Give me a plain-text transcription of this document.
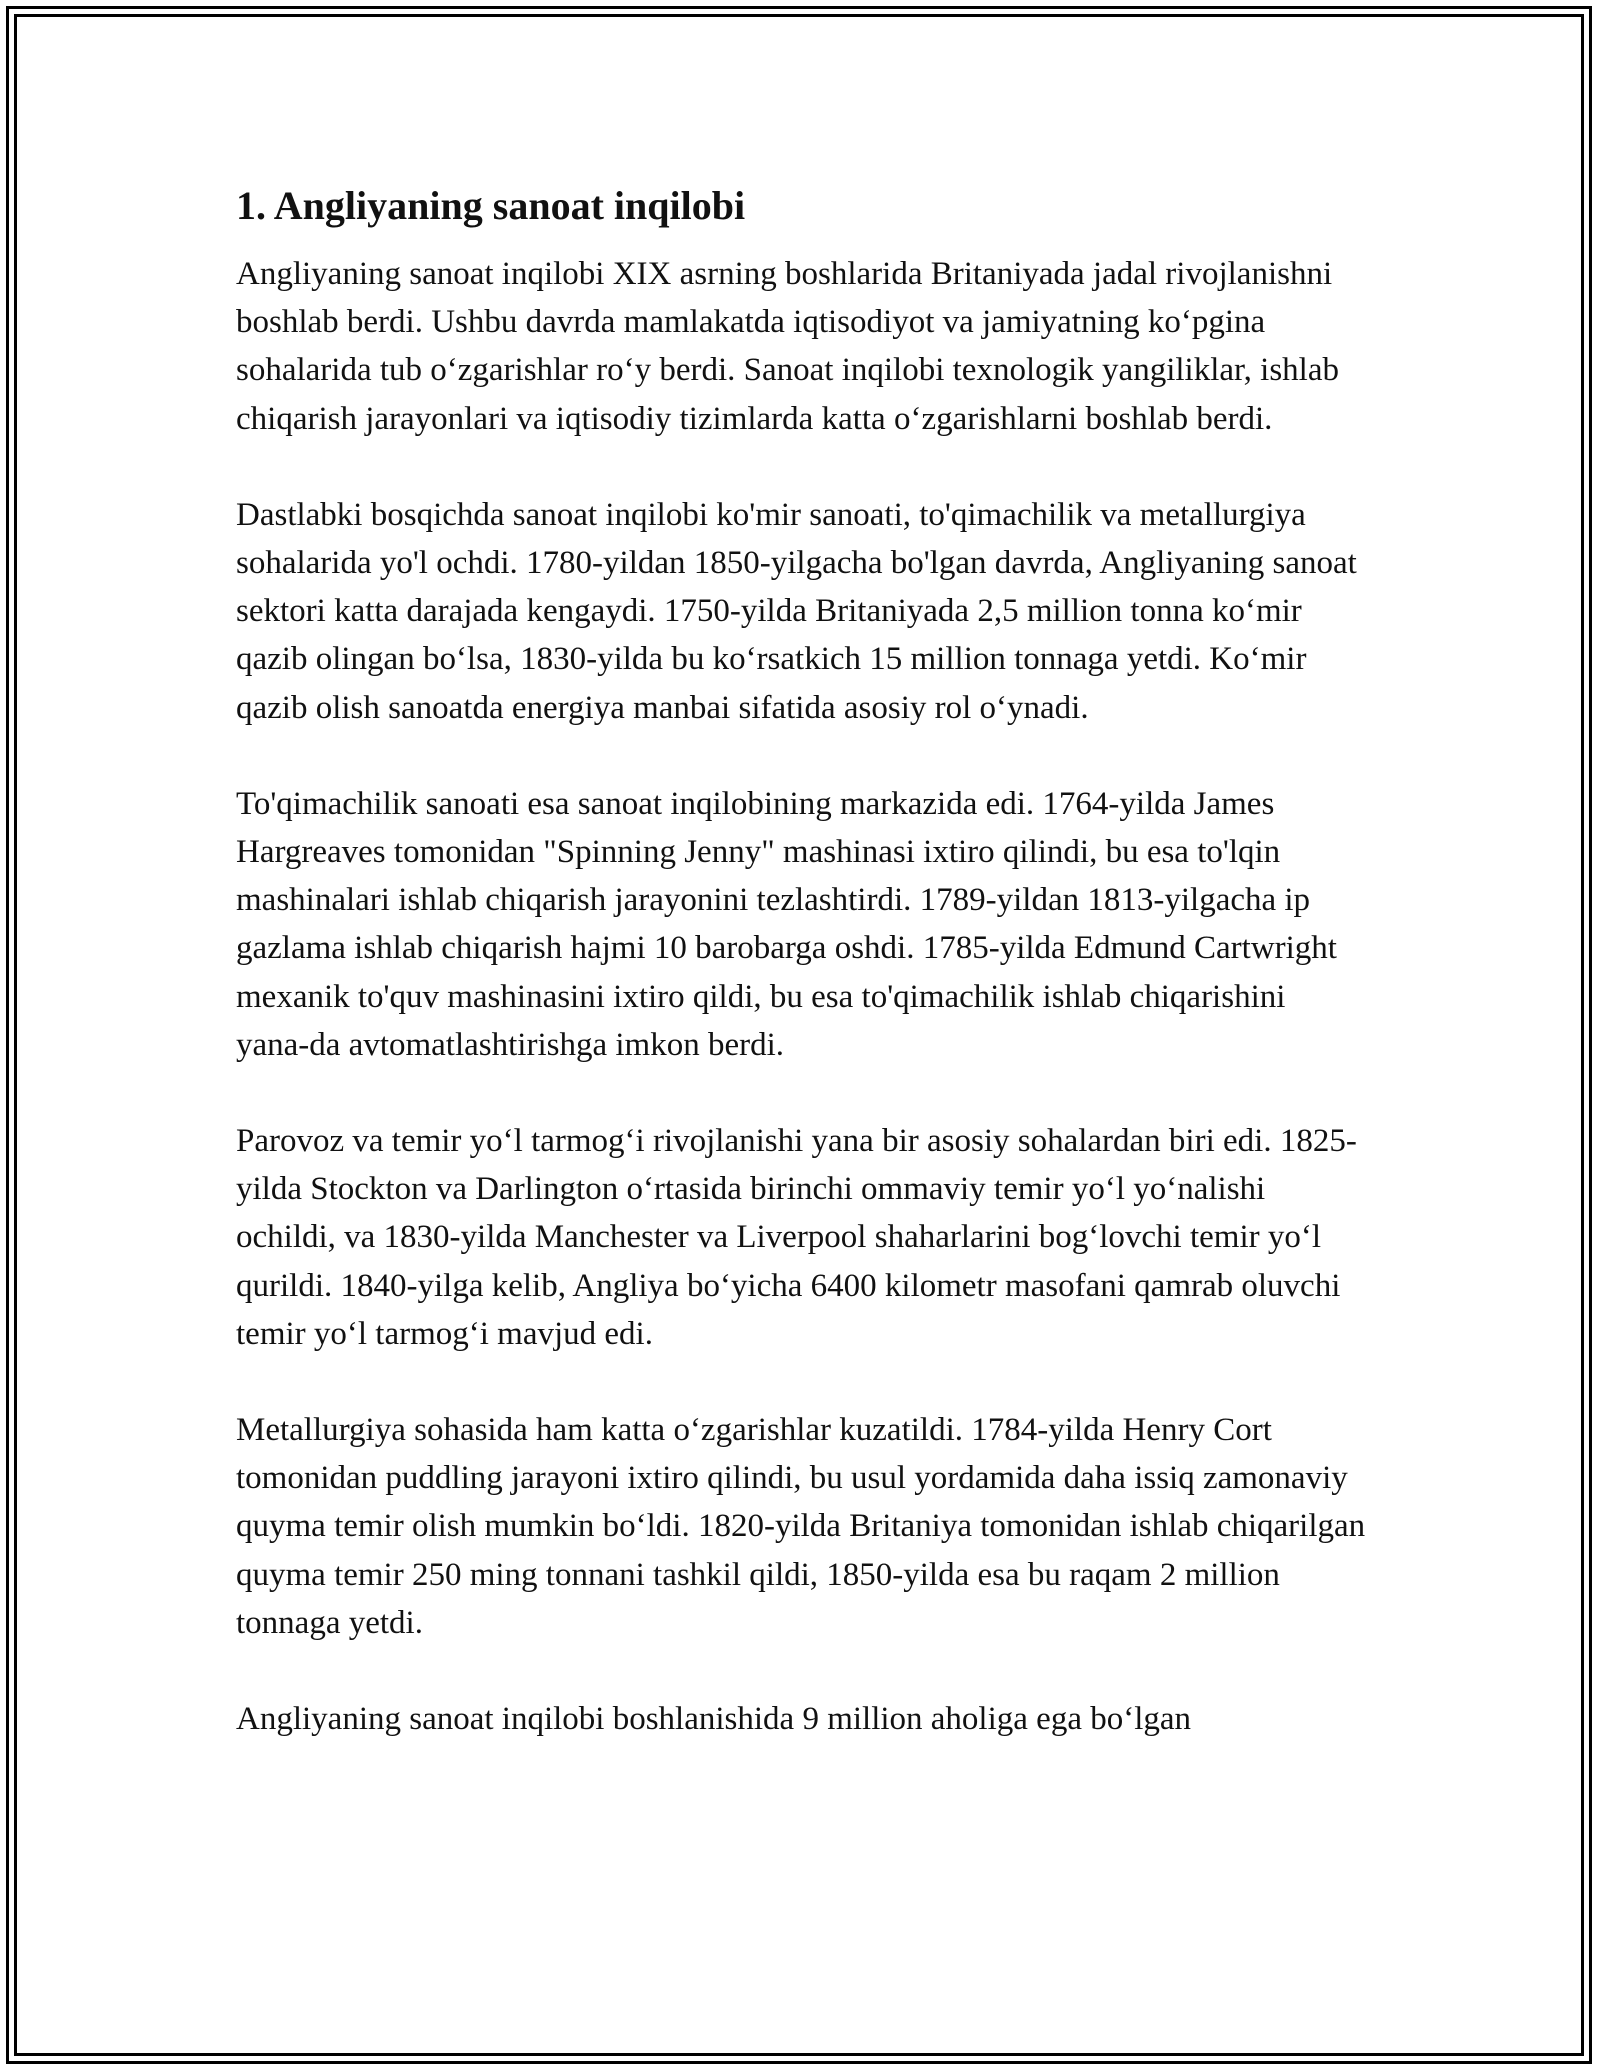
1. Angliyaning sanoat inqilobi

Angliyaning sanoat inqilobi XIX asrning boshlarida Britaniyada jadal rivojlanishni boshlab berdi. Ushbu davrda mamlakatda iqtisodiyot va jamiyatning ko‘pgina sohalarida tub o‘zgarishlar ro‘y berdi. Sanoat inqilobi texnologik yangiliklar, ishlab chiqarish jarayonlari va iqtisodiy tizimlarda katta o‘zgarishlarni boshlab berdi.

Dastlabki bosqichda sanoat inqilobi ko'mir sanoati, to'qimachilik va metallurgiya sohalarida yo'l ochdi. 1780-yildan 1850-yilgacha bo'lgan davrda, Angliyaning sanoat sektori katta darajada kengaydi. 1750-yilda Britaniyada 2,5 million tonna ko‘mir qazib olingan bo‘lsa, 1830-yilda bu ko‘rsatkich 15 million tonnaga yetdi. Ko‘mir qazib olish sanoatda energiya manbai sifatida asosiy rol o‘ynadi.

To'qimachilik sanoati esa sanoat inqilobining markazida edi. 1764-yilda James Hargreaves tomonidan "Spinning Jenny" mashinasi ixtiro qilindi, bu esa to'lqin mashinalari ishlab chiqarish jarayonini tezlashtirdi. 1789-yildan 1813-yilgacha ip gazlama ishlab chiqarish hajmi 10 barobarga oshdi. 1785-yilda Edmund Cartwright mexanik to'quv mashinasini ixtiro qildi, bu esa to'qimachilik ishlab chiqarishini yana-da avtomatlashtirishga imkon berdi.

Parovoz va temir yo‘l tarmog‘i rivojlanishi yana bir asosiy sohalardan biri edi. 1825-yilda Stockton va Darlington o‘rtasida birinchi ommaviy temir yo‘l yo‘nalishi ochildi, va 1830-yilda Manchester va Liverpool shaharlarini bog‘lovchi temir yo‘l qurildi. 1840-yilga kelib, Angliya bo‘yicha 6400 kilometr masofani qamrab oluvchi temir yo‘l tarmog‘i mavjud edi.

Metallurgiya sohasida ham katta o‘zgarishlar kuzatildi. 1784-yilda Henry Cort tomonidan puddling jarayoni ixtiro qilindi, bu usul yordamida daha issiq zamonaviy quyma temir olish mumkin bo‘ldi. 1820-yilda Britaniya tomonidan ishlab chiqarilgan quyma temir 250 ming tonnani tashkil qildi, 1850-yilda esa bu raqam 2 million tonnaga yetdi.

Angliyaning sanoat inqilobi boshlanishida 9 million aholiga ega bo‘lgan
